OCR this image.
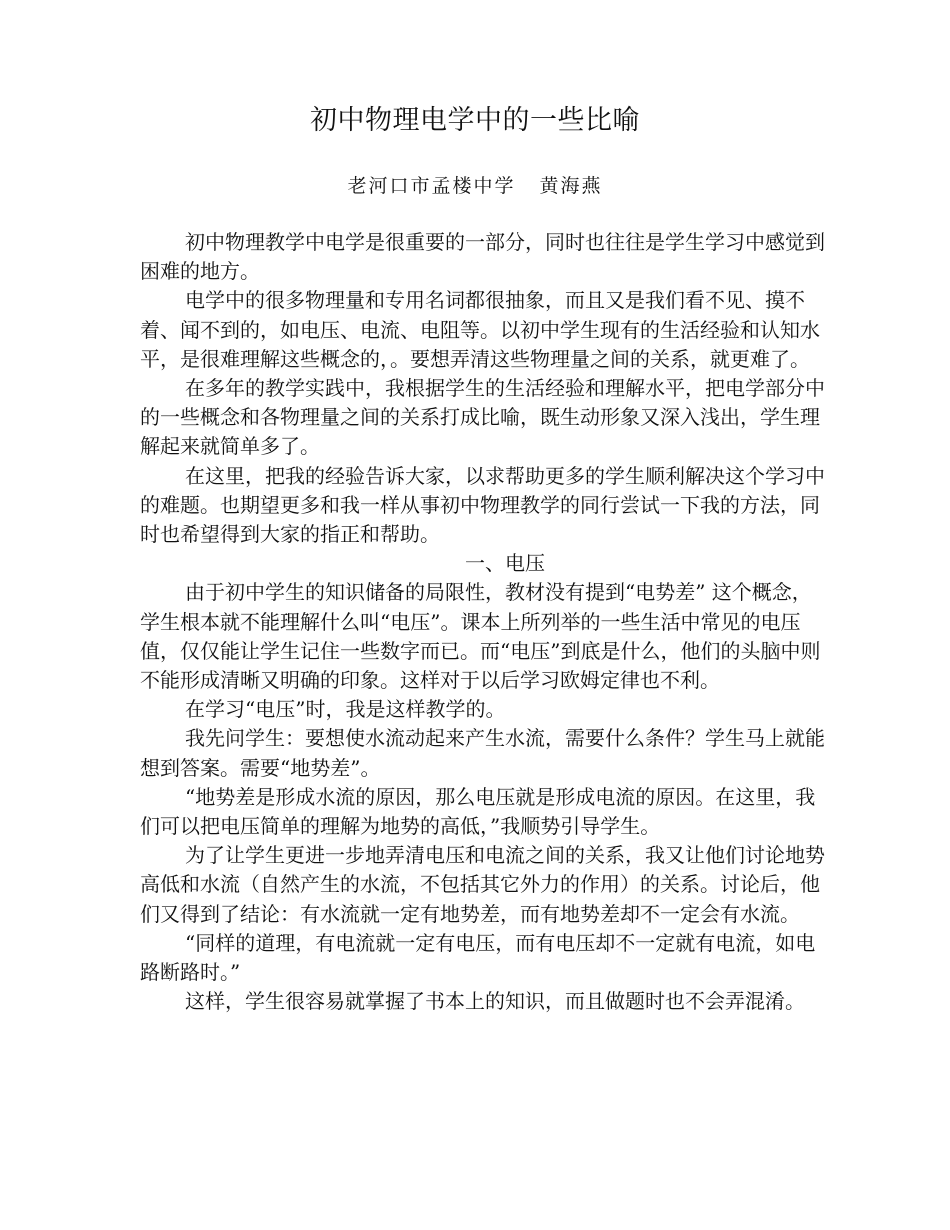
初中物理电学中的一些比喻
老河口市孟楼中学 黄海燕

初中物理教学中电学是很重要的一部分，同时也往往是学生学习中感觉到困难的地方。

电学中的很多物理量和专用名词都很抽象，而且又是我们看不见、摸不着、闻不到的，如电压、电流、电阻等。以初中学生现有的生活经验和认知水平，是很难理解这些概念的，。要想弄清这些物理量之间的关系，就更难了。

在多年的教学实践中，我根据学生的生活经验和理解水平，把电学部分中的一些概念和各物理量之间的关系打成比喻，既生动形象又深入浅出，学生理解起来就简单多了。

在这里，把我的经验告诉大家，以求帮助更多的学生顺利解决这个学习中的难题。也期望更多和我一样从事初中物理教学的同行尝试一下我的方法，同时也希望得到大家的指正和帮助。

一、电压

由于初中学生的知识储备的局限性，教材没有提到“电势差” 这个概念，学生根本就不能理解什么叫“电压”。课本上所列举的一些生活中常见的电压值，仅仅能让学生记住一些数字而已。而“电压”到底是什么，他们的头脑中则不能形成清晰又明确的印象。这样对于以后学习欧姆定律也不利。

在学习“电压”时，我是这样教学的。

我先问学生：要想使水流动起来产生水流，需要什么条件？学生马上就能想到答案。需要“地势差”。

“地势差是形成水流的原因，那么电压就是形成电流的原因。在这里，我们可以把电压简单的理解为地势的高低，”我顺势引导学生。

为了让学生更进一步地弄清电压和电流之间的关系，我又让他们讨论地势高低和水流（自然产生的水流，不包括其它外力的作用）的关系。讨论后，他们又得到了结论：有水流就一定有地势差，而有地势差却不一定会有水流。

“同样的道理，有电流就一定有电压，而有电压却不一定就有电流，如电路断路时。”

这样，学生很容易就掌握了书本上的知识，而且做题时也不会弄混淆。
